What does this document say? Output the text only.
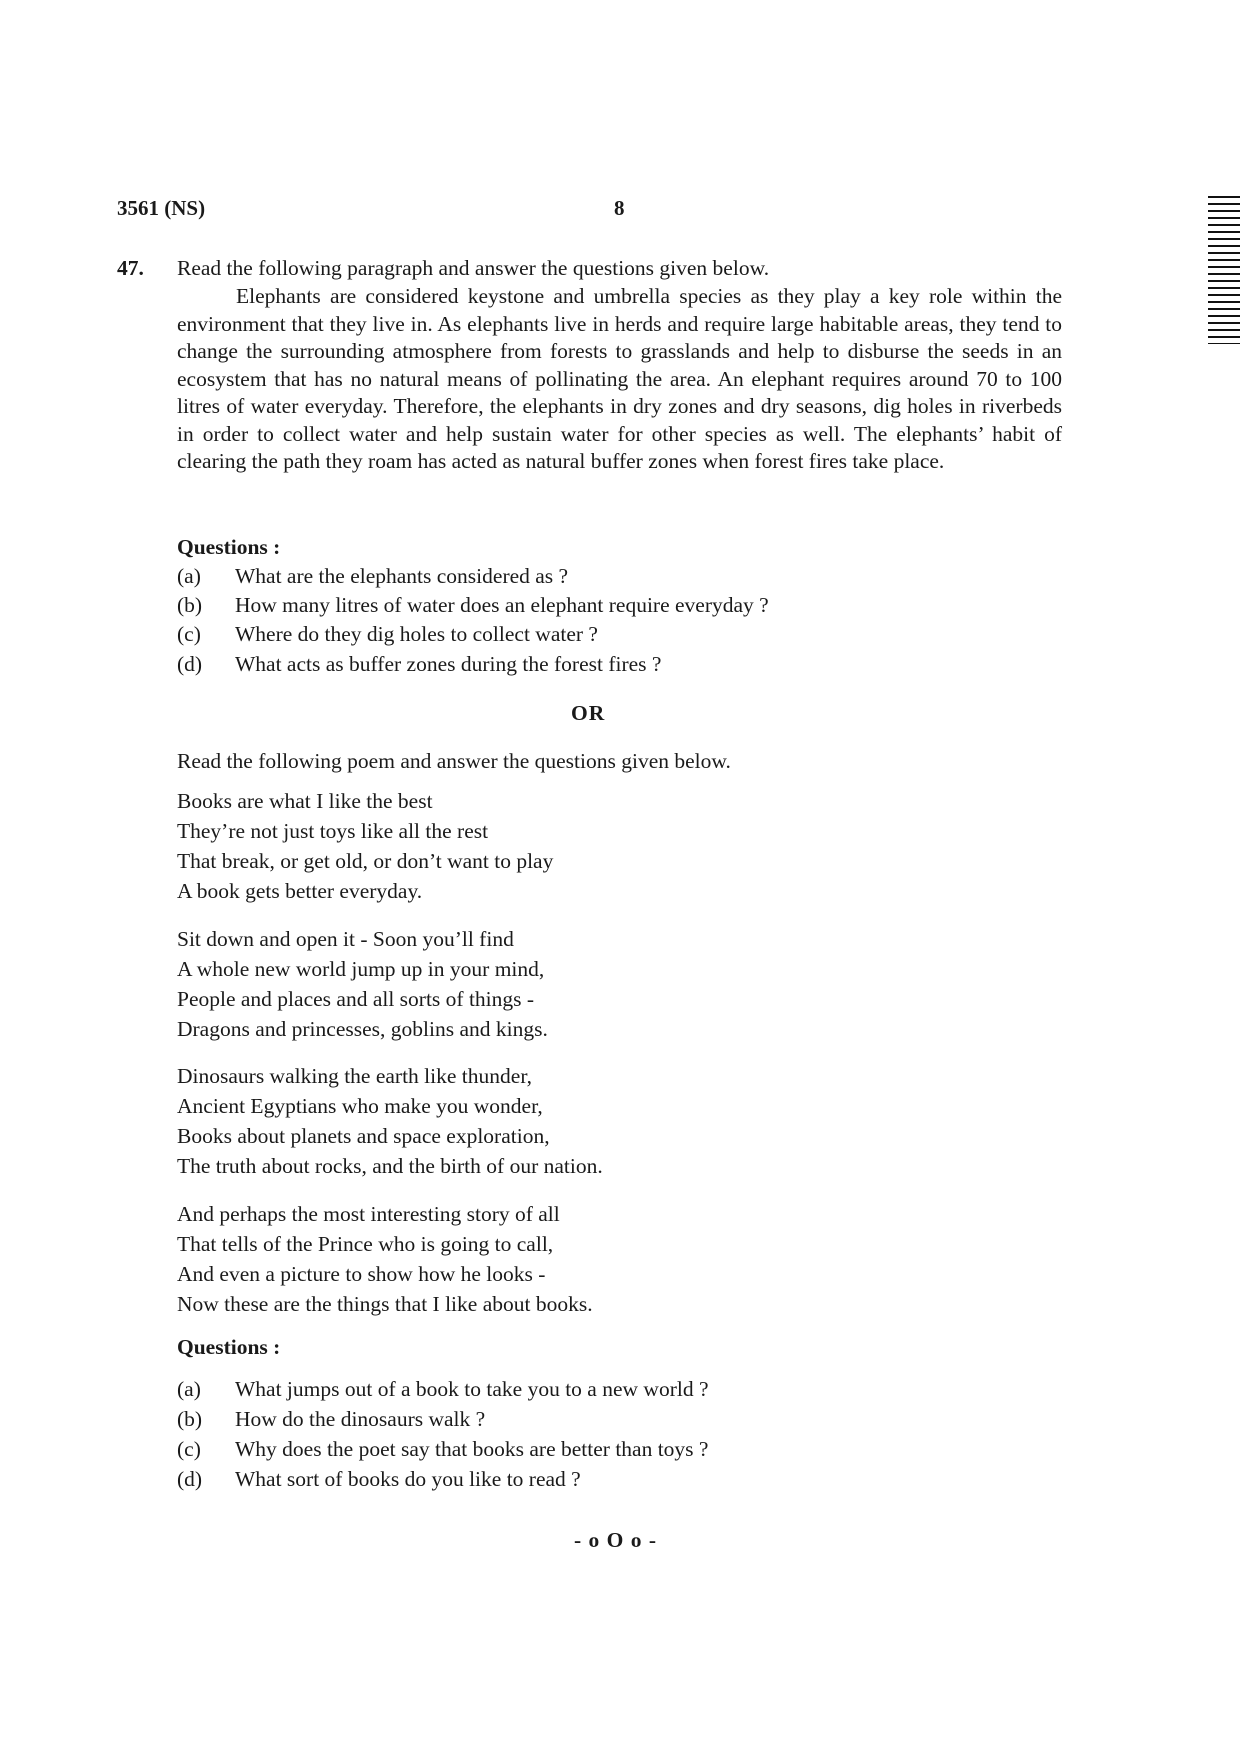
3561 (NS)	8
47. Read the following paragraph and answer the questions given below.
Elephants are considered keystone and umbrella species as they play a key role within the environment that they live in. As elephants live in herds and require large habitable areas, they tend to change the surrounding atmosphere from forests to grasslands and help to disburse the seeds in an ecosystem that has no natural means of pollinating the area. An elephant requires around 70 to 100 litres of water everyday. Therefore, the elephants in dry zones and dry seasons, dig holes in riverbeds in order to collect water and help sustain water for other species as well. The elephants’ habit of clearing the path they roam has acted as natural buffer zones when forest fires take place.
Questions :
(a) What are the elephants considered as ?
(b) How many litres of water does an elephant require everyday ?
(c) Where do they dig holes to collect water ?
(d) What acts as buffer zones during the forest fires ?
OR
Read the following poem and answer the questions given below.
Books are what I like the best
They’re not just toys like all the rest
That break, or get old, or don’t want to play
A book gets better everyday.
Sit down and open it - Soon you’ll find
A whole new world jump up in your mind,
People and places and all sorts of things -
Dragons and princesses, goblins and kings.
Dinosaurs walking the earth like thunder,
Ancient Egyptians who make you wonder,
Books about planets and space exploration,
The truth about rocks, and the birth of our nation.
And perhaps the most interesting story of all
That tells of the Prince who is going to call,
And even a picture to show how he looks -
Now these are the things that I like about books.
Questions :
(a) What jumps out of a book to take you to a new world ?
(b) How do the dinosaurs walk ?
(c) Why does the poet say that books are better than toys ?
(d) What sort of books do you like to read ?
- o O o -
